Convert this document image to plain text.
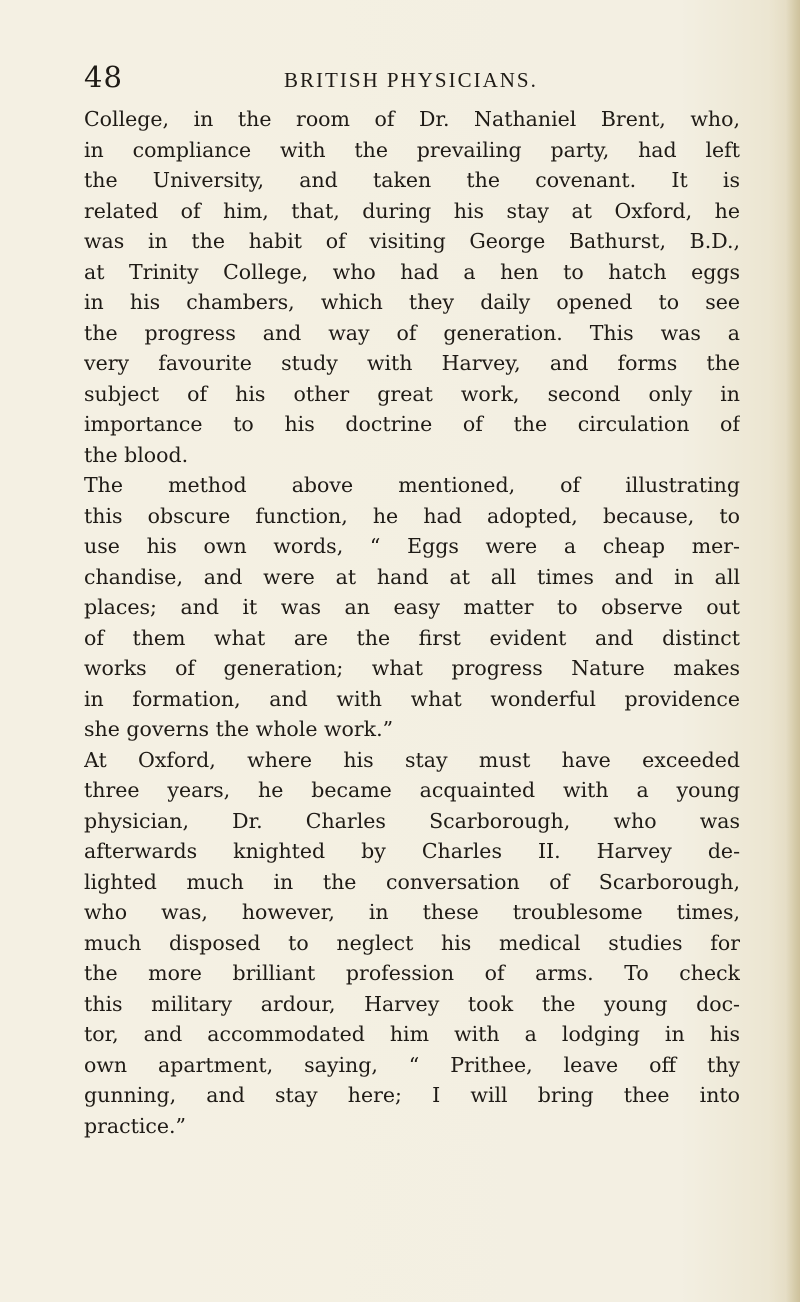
48	BRITISH PHYSICIANS.
College, in the room of Dr. Nathaniel Brent, who,
in compliance with the prevailing party, had left
the University, and taken the covenant. It is
related of him, that, during his stay at Oxford, he
was in the habit of visiting George Bathurst, B.D.,
at Trinity College, who had a hen to hatch eggs
in his chambers, which they daily opened to see
the progress and way of generation. This was a
very favourite study with Harvey, and forms the
subject of his other great work, second only in
importance to his doctrine of the circulation of
the blood.
The method above mentioned, of illustrating
this obscure function, he had adopted, because, to
use his own words, “ Eggs were a cheap mer-
chandise, and were at hand at all times and in all
places; and it was an easy matter to observe out
of them what are the first evident and distinct
works of generation; what progress Nature makes
in formation, and with what wonderful providence
she governs the whole work.”
At Oxford, where his stay must have exceeded
three years, he became acquainted with a young
physician, Dr. Charles Scarborough, who was
afterwards knighted by Charles II. Harvey de-
lighted much in the conversation of Scarborough,
who was, however, in these troublesome times,
much disposed to neglect his medical studies for
the more brilliant profession of arms. To check
this military ardour, Harvey took the young doc-
tor, and accommodated him with a lodging in his
own apartment, saying, “ Prithee, leave off thy
gunning, and stay here; I will bring thee into
practice.”
